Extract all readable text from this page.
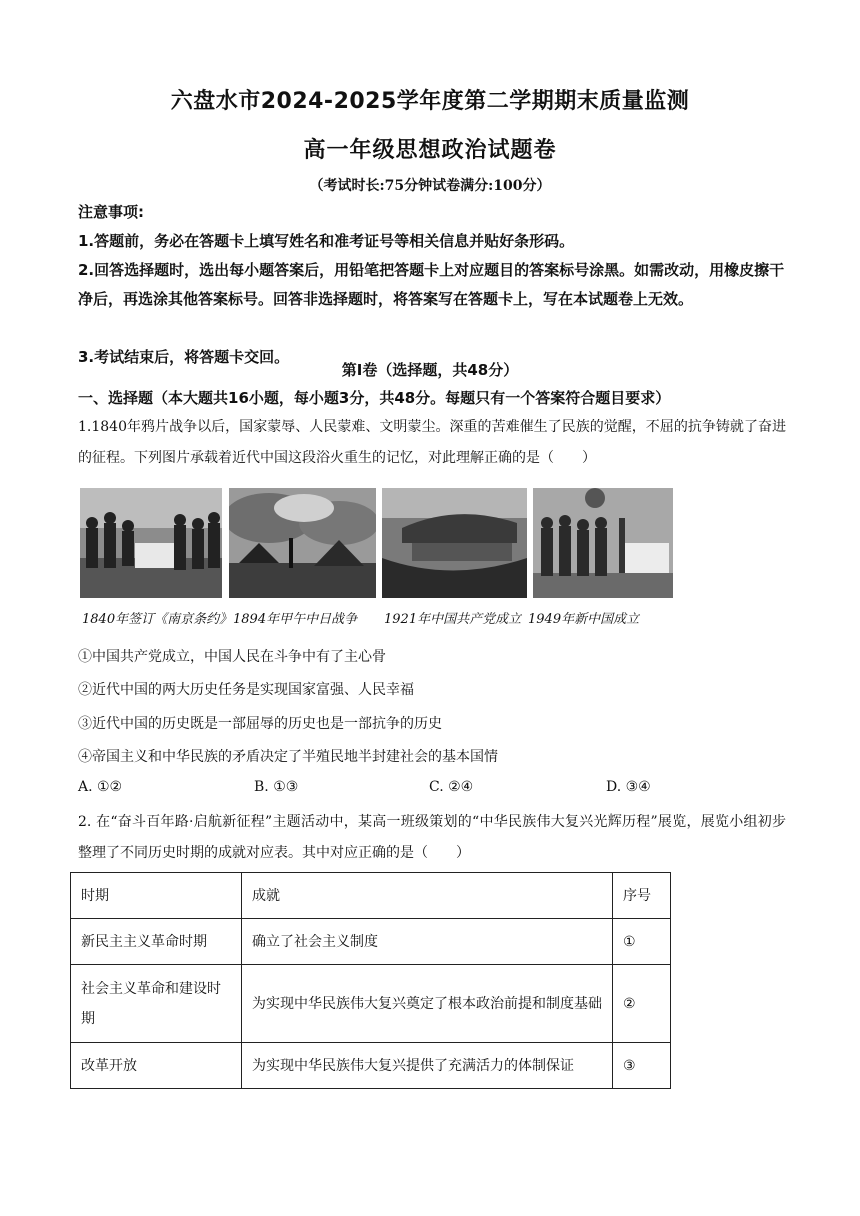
六盘水市2024-2025学年度第二学期期末质量监测
高一年级思想政治试题卷
（考试时长:75分钟试卷满分:100分）
注意事项:
1.答题前，务必在答题卡上填写姓名和准考证号等相关信息并贴好条形码。
2.回答选择题时，选出每小题答案后，用铅笔把答题卡上对应题目的答案标号涂黑。如需改动，用橡皮擦干净后，再选涂其他答案标号。回答非选择题时，将答案写在答题卡上，写在本试题卷上无效。
3.考试结束后，将答题卡交回。
第Ⅰ卷（选择题，共48分）
一、选择题（本大题共16小题，每小题3分，共48分。每题只有一个答案符合题目要求）
1.1840年鸦片战争以后，国家蒙辱、人民蒙难、文明蒙尘。深重的苦难催生了民族的觉醒，不屈的抗争铸就了奋进的征程。下列图片承载着近代中国这段浴火重生的记忆，对此理解正确的是（　　）
1840年签订《南京条约》 1894年甲午中日战争 1921年中国共产党成立 1949年新中国成立
①中国共产党成立，中国人民在斗争中有了主心骨
②近代中国的两大历史任务是实现国家富强、人民幸福
③近代中国的历史既是一部屈辱的历史也是一部抗争的历史
④帝国主义和中华民族的矛盾决定了半殖民地半封建社会的基本国情
A. ①②	B. ①③	C. ②④	D. ③④
2. 在“奋斗百年路·启航新征程”主题活动中，某高一班级策划的“中华民族伟大复兴光辉历程”展览，展览小组初步整理了不同历史时期的成就对应表。其中对应正确的是（　　）
时期	成就	序号
新民主主义革命时期	确立了社会主义制度	①
社会主义革命和建设时期	为实现中华民族伟大复兴奠定了根本政治前提和制度基础	②
改革开放	为实现中华民族伟大复兴提供了充满活力的体制保证	③
